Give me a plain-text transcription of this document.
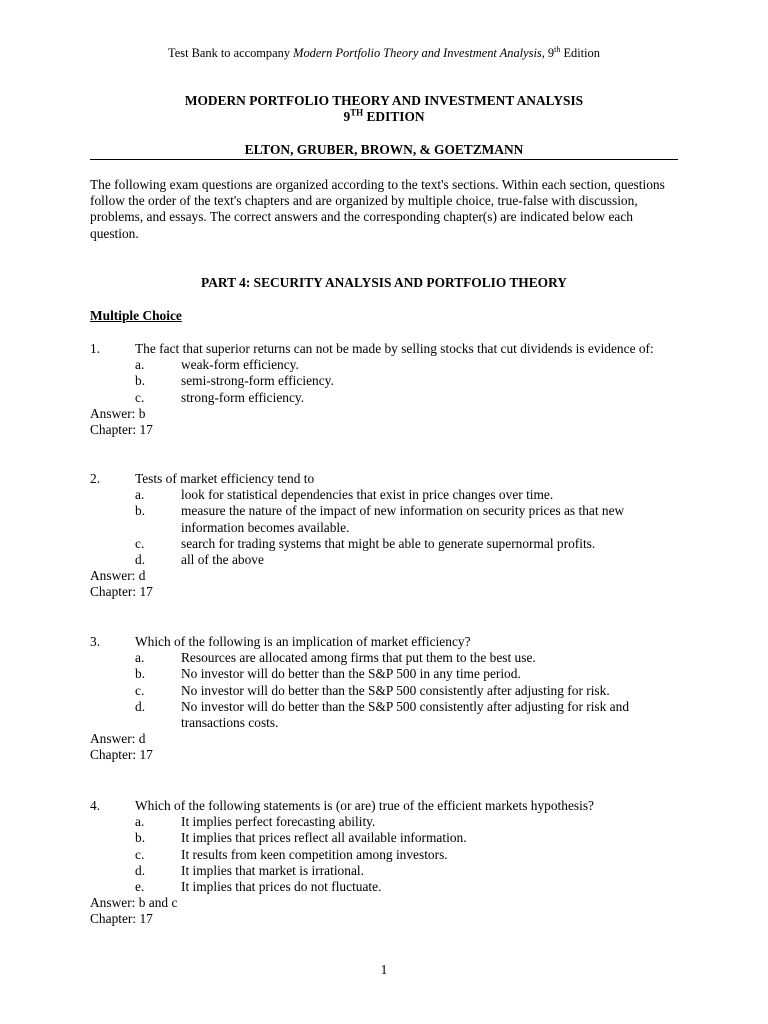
Test Bank to accompany Modern Portfolio Theory and Investment Analysis, 9th Edition
MODERN PORTFOLIO THEORY AND INVESTMENT ANALYSIS
9TH EDITION
ELTON, GRUBER, BROWN, & GOETZMANN
The following exam questions are organized according to the text's sections. Within each section, questions follow the order of the text's chapters and are organized by multiple choice, true-false with discussion, problems, and essays. The correct answers and the corresponding chapter(s) are indicated below each question.
PART 4: SECURITY ANALYSIS AND PORTFOLIO THEORY
Multiple Choice
1.	The fact that superior returns can not be made by selling stocks that cut dividends is evidence of:
a.	weak-form efficiency.
b.	semi-strong-form efficiency.
c.	strong-form efficiency.
Answer: b
Chapter: 17
2.	Tests of market efficiency tend to
a.	look for statistical dependencies that exist in price changes over time.
b.	measure the nature of the impact of new information on security prices as that new
information becomes available.
c.	search for trading systems that might be able to generate supernormal profits.
d.	all of the above
Answer: d
Chapter: 17
3.	Which of the following is an implication of market efficiency?
a.	Resources are allocated among firms that put them to the best use.
b.	No investor will do better than the S&P 500 in any time period.
c.	No investor will do better than the S&P 500 consistently after adjusting for risk.
d.	No investor will do better than the S&P 500 consistently after adjusting for risk and
transactions costs.
Answer: d
Chapter: 17
4.	Which of the following statements is (or are) true of the efficient markets hypothesis?
a.	It implies perfect forecasting ability.
b.	It implies that prices reflect all available information.
c.	It results from keen competition among investors.
d.	It implies that market is irrational.
e.	It implies that prices do not fluctuate.
Answer: b and c
Chapter: 17
1
